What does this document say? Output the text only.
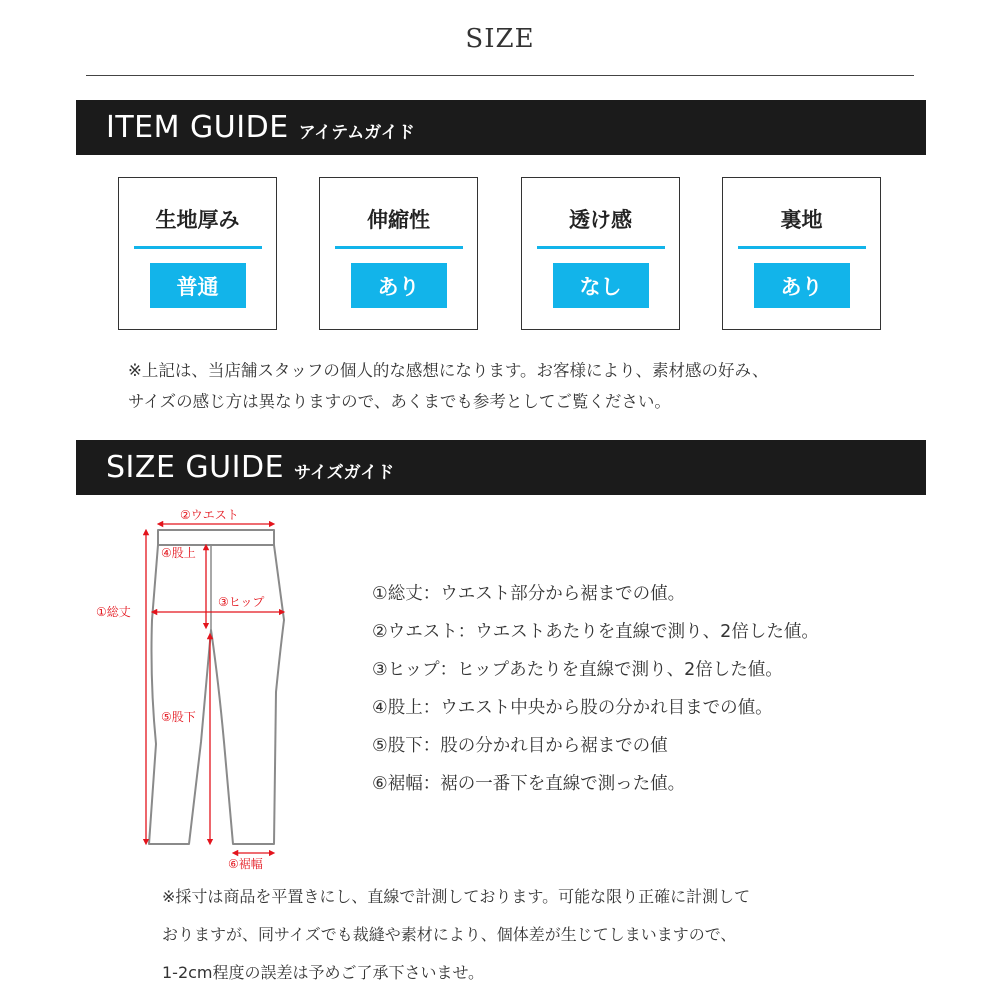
SIZE
ITEM GUIDE アイテムガイド
生地厚み
普通
伸縮性
あり
透け感
なし
裏地
あり
※上記は、当店舗スタッフの個人的な感想になります。お客様により、素材感の好み、
サイズの感じ方は異なりますので、あくまでも参考としてご覧ください。
SIZE GUIDE サイズガイド
②ウエスト
①総丈
④股上
③ヒップ
⑤股下
⑥裾幅
①総丈：ウエスト部分から裾までの値。
②ウエスト：ウエストあたりを直線で測り、2倍した値。
③ヒップ：ヒップあたりを直線で測り、2倍した値。
④股上：ウエスト中央から股の分かれ目までの値。
⑤股下：股の分かれ目から裾までの値
⑥裾幅：裾の一番下を直線で測った値。
※採寸は商品を平置きにし、直線で計測しております。可能な限り正確に計測して
おりますが、同サイズでも裁縫や素材により、個体差が生じてしまいますので、
1-2cm程度の誤差は予めご了承下さいませ。
